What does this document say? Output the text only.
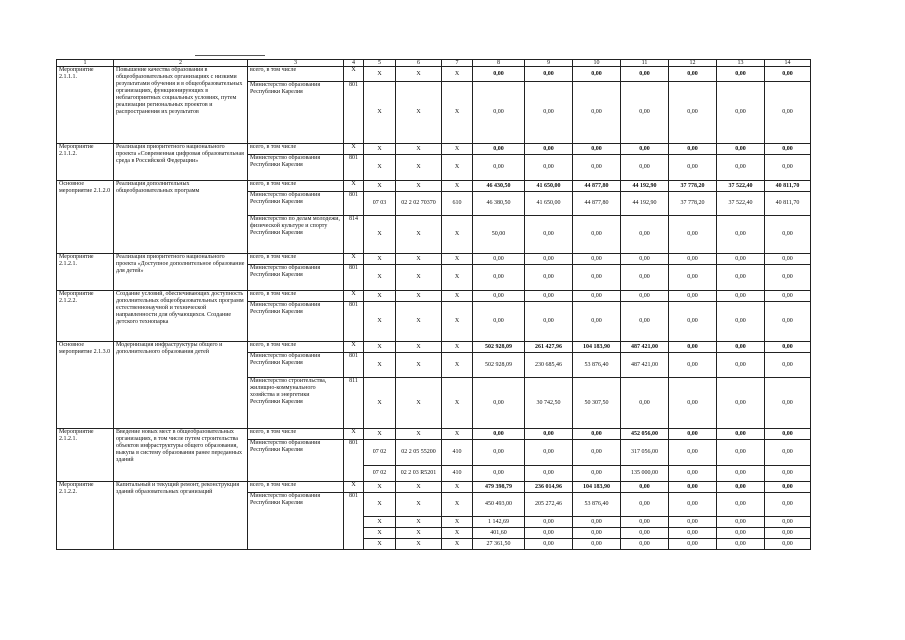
1	2	3	4	5	6	7	8	9	10	11	12	13	14
Мероприятие 2.1.1.1.	Повышение качества образования в общеобразовательных организациях с низкими результатами обучения и в общеобразовательных организациях, функционирующих в неблагоприятных социальных условиях, путем реализации региональных проектов и распространения их результатов	всего, в том числе	X	X	X	X	0,00	0,00	0,00	0,00	0,00	0,00	0,00
		Министерство образования Республики Карелия	801	X	X	X	0,00	0,00	0,00	0,00	0,00	0,00	0,00
Мероприятие 2.1.1.2.	Реализация приоритетного национального проекта «Современная цифровая образовательная среда в Российской Федерации»	всего, в том числе	X	X	X	X	0,00	0,00	0,00	0,00	0,00	0,00	0,00
		Министерство образования Республики Карелия	801	X	X	X	0,00	0,00	0,00	0,00	0,00	0,00	0,00
Основное мероприятие 2.1.2.0	Реализация дополнительных общеобразовательных программ	всего, в том числе	X	X	X	X	46 430,50	41 650,00	44 877,80	44 192,90	37 778,20	37 522,40	40 811,70
		Министерство образования Республики Карелия	801	07 03	02 2 02 70370	610	46 380,50	41 650,00	44 877,80	44 192,90	37 778,20	37 522,40	40 811,70
		Министерство по делам молодежи, физической культуре и спорту Республики Карелия	814	X	X	X	50,00	0,00	0,00	0,00	0,00	0,00	0,00
Мероприятие 2.1.2.1.	Реализация приоритетного национального проекта «Доступное дополнительное образование для детей»	всего, в том числе	X	X	X	X	0,00	0,00	0,00	0,00	0,00	0,00	0,00
		Министерство образования Республики Карелия	801	X	X	X	0,00	0,00	0,00	0,00	0,00	0,00	0,00
Мероприятие 2.1.2.2.	Создание условий, обеспечивающих доступность дополнительных общеобразовательных программ естественнонаучной и технической направленности для обучающихся. Создание детского технопарка	всего, в том числе	X	X	X	X	0,00	0,00	0,00	0,00	0,00	0,00	0,00
		Министерство образования Республики Карелия	801	X	X	X	0,00	0,00	0,00	0,00	0,00	0,00	0,00
Основное мероприятие 2.1.3.0	Модернизация инфраструктуры общего и дополнительного образования детей	всего, в том числе	X	X	X	X	502 928,09	261 427,96	104 183,90	487 421,00	0,00	0,00	0,00
		Министерство образования Республики Карелия	801	X	X	X	502 928,09	230 685,46	53 876,40	487 421,00	0,00	0,00	0,00
		Министерство строительства, жилищно-коммунального хозяйства и энергетики Республики Карелия	811	X	X	X	0,00	30 742,50	50 307,50	0,00	0,00	0,00	0,00
Мероприятие 2.1.2.1.	Введение новых мест в общеобразовательных организациях, в том числе путем строительства объектов инфраструктуры общего образования, выкупа в систему образования ранее переданных зданий	всего, в том числе	X	X	X	X	0,00	0,00	0,00	452 056,00	0,00	0,00	0,00
		Министерство образования Республики Карелия	801	07 02	02 2 05 55200	410	0,00	0,00	0,00	317 056,00	0,00	0,00	0,00
				07 02	02 2 03 R5201	410	0,00	0,00	0,00	135 000,00	0,00	0,00	0,00
Мероприятие 2.1.2.2.	Капитальный и текущий ремонт, реконструкция зданий образовательных организаций	всего, в том числе	X	X	X	X	479 398,79	236 014,96	104 183,90	0,00	0,00	0,00	0,00
		Министерство образования Республики Карелия	801	X	X	X	450 493,00	205 272,46	53 876,40	0,00	0,00	0,00	0,00
				X	X	X	1 142,69	0,00	0,00	0,00	0,00	0,00	0,00
				X	X	X	401,60	0,00	0,00	0,00	0,00	0,00	0,00
				X	X	X	27 361,50	0,00	0,00	0,00	0,00	0,00	0,00
